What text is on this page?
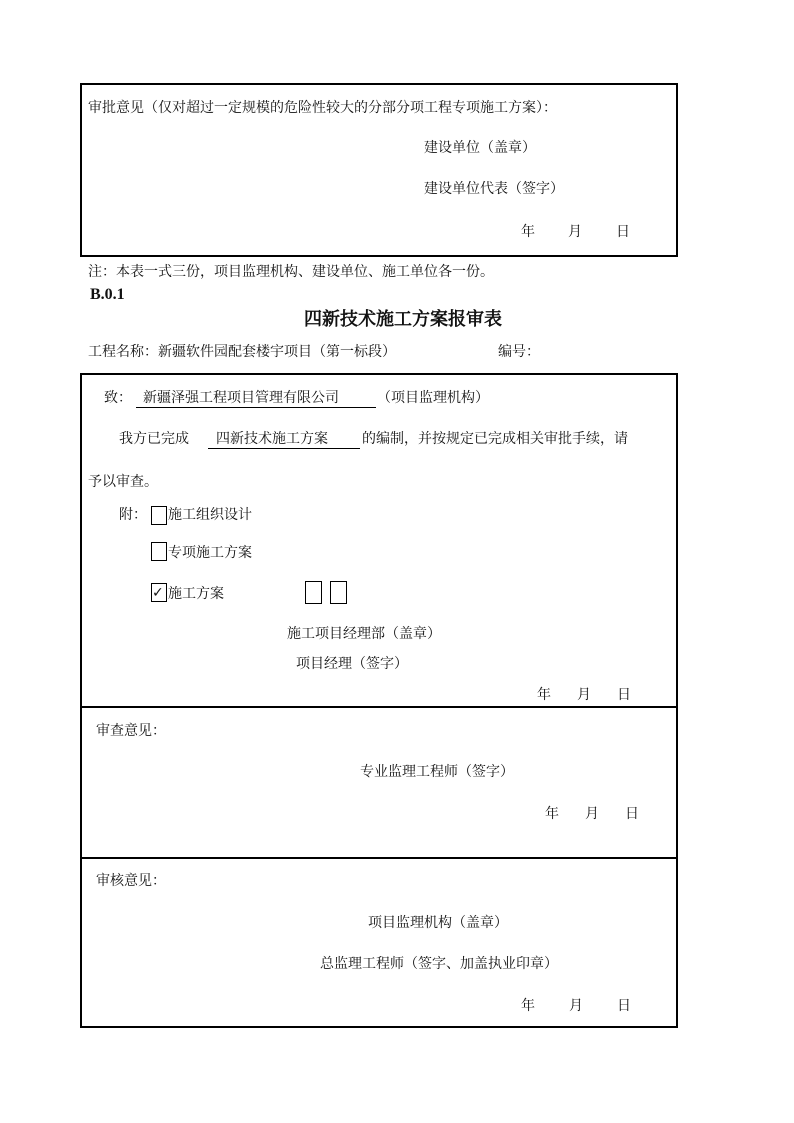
审批意见（仅对超过一定规模的危险性较大的分部分项工程专项施工方案）：
建设单位（盖章）
建设单位代表（签字）
年 月 日
注：本表一式三份，项目监理机构、建设单位、施工单位各一份。
B.0.1
四新技术施工方案报审表
工程名称：新疆软件园配套楼宇项目（第一标段）	编号：
致： 新疆泽强工程项目管理有限公司	（项目监理机构）
我方已完成 四新技术施工方案 的编制，并按规定已完成相关审批手续，请
予以审查。
附： 施工组织设计
专项施工方案
✓ 施工方案
施工项目经理部（盖章）
项目经理（签字）
年 月 日
审查意见：
专业监理工程师（签字）
年 月 日
审核意见：
项目监理机构（盖章）
总监理工程师（签字、加盖执业印章）
年 月 日
